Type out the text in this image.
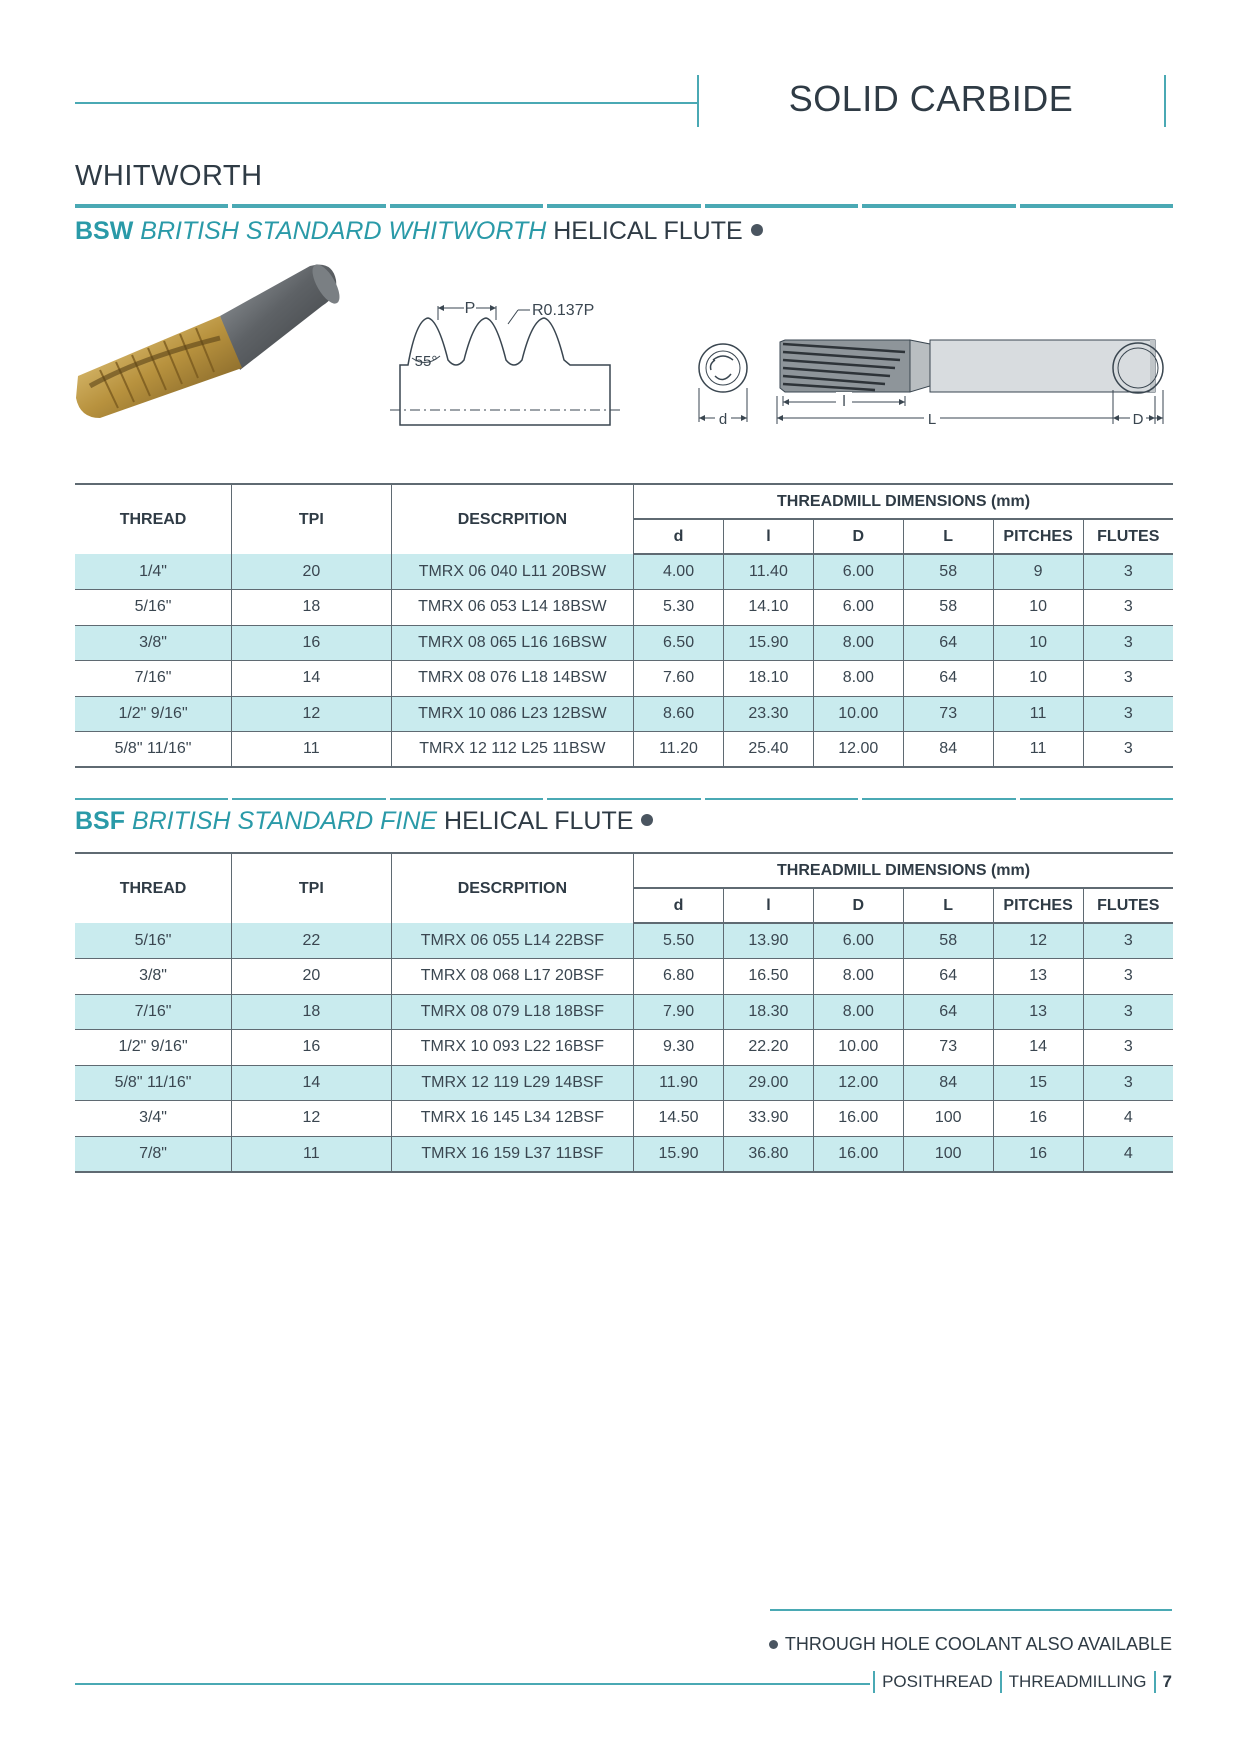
SOLID CARBIDE
WHITWORTH
BSW BRITISH STANDARD WHITWORTH HELICAL FLUTE
P	R0.137P
55°
d
l
L	D
THREAD	TPI	DESCRPITION	THREADMILL DIMENSIONS (mm)					
			d	l	D	L	PITCHES	FLUTES
1/4"	20	TMRX 06 040 L11 20BSW	4.00	11.40	6.00	58	9	3
5/16"	18	TMRX 06 053 L14 18BSW	5.30	14.10	6.00	58	10	3
3/8"	16	TMRX 08 065 L16 16BSW	6.50	15.90	8.00	64	10	3
7/16"	14	TMRX 08 076 L18 14BSW	7.60	18.10	8.00	64	10	3
1/2" 9/16"	12	TMRX 10 086 L23 12BSW	8.60	23.30	10.00	73	11	3
5/8" 11/16"	11	TMRX 12 112 L25 11BSW	11.20	25.40	12.00	84	11	3
BSF BRITISH STANDARD FINE HELICAL FLUTE
THREAD	TPI	DESCRPITION	THREADMILL DIMENSIONS (mm)					
			d	l	D	L	PITCHES	FLUTES
5/16"	22	TMRX 06 055 L14 22BSF	5.50	13.90	6.00	58	12	3
3/8"	20	TMRX 08 068 L17 20BSF	6.80	16.50	8.00	64	13	3
7/16"	18	TMRX 08 079 L18 18BSF	7.90	18.30	8.00	64	13	3
1/2" 9/16"	16	TMRX 10 093 L22 16BSF	9.30	22.20	10.00	73	14	3
5/8" 11/16"	14	TMRX 12 119 L29 14BSF	11.90	29.00	12.00	84	15	3
3/4"	12	TMRX 16 145 L34 12BSF	14.50	33.90	16.00	100	16	4
7/8"	11	TMRX 16 159 L37 11BSF	15.90	36.80	16.00	100	16	4
THROUGH HOLE COOLANT ALSO AVAILABLE
POSITHREAD THREADMILLING 7
